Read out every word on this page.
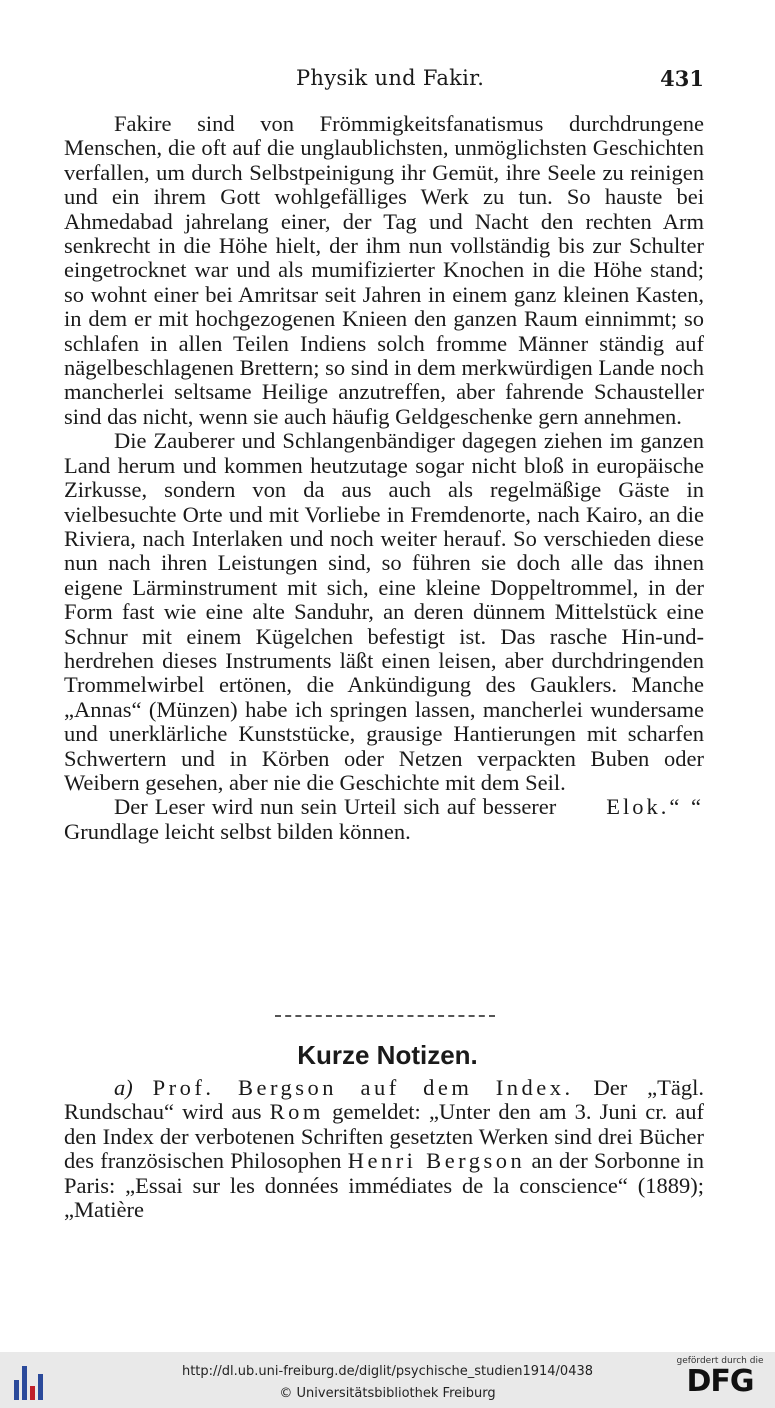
Physik und Fakir.	431

Fakire sind von Frömmigkeitsfanatismus durchdrungene Menschen, die oft auf die unglaublichsten, unmöglichsten Geschichten verfallen, um durch Selbstpeinigung ihr Gemüt, ihre Seele zu reinigen und ein ihrem Gott wohlgefälliges Werk zu tun. So hauste bei Ahmedabad jahrelang einer, der Tag und Nacht den rechten Arm senkrecht in die Höhe hielt, der ihm nun vollständig bis zur Schulter eingetrocknet war und als mumifizierter Knochen in die Höhe stand; so wohnt einer bei Amritsar seit Jahren in einem ganz kleinen Kasten, in dem er mit hochgezogenen Knieen den ganzen Raum einnimmt; so schlafen in allen Teilen Indiens solch fromme Männer ständig auf nägelbeschlagenen Brettern; so sind in dem merkwürdigen Lande noch mancherlei seltsame Heilige anzutreffen, aber fahrende Schausteller sind das nicht, wenn sie auch häufig Geldgeschenke gern annehmen.

Die Zauberer und Schlangenbändiger dagegen ziehen im ganzen Land herum und kommen heutzutage sogar nicht bloß in europäische Zirkusse, sondern von da aus auch als regelmäßige Gäste in vielbesuchte Orte und mit Vorliebe in Fremdenorte, nach Kairo, an die Riviera, nach Interlaken und noch weiter herauf. So verschieden diese nun nach ihren Leistungen sind, so führen sie doch alle das ihnen eigene Lärminstrument mit sich, eine kleine Doppeltrommel, in der Form fast wie eine alte Sanduhr, an deren dünnem Mittelstück eine Schnur mit einem Kügelchen befestigt ist. Das rasche Hin-und-herdrehen dieses Instruments läßt einen leisen, aber durchdringenden Trommelwirbel ertönen, die Ankündigung des Gauklers. Manche „Annas“ (Münzen) habe ich springen lassen, mancherlei wundersame und unerklärliche Kunststücke, grausige Hantierungen mit scharfen Schwertern und in Körben oder Netzen verpackten Buben oder Weibern gesehen, aber nie die Geschichte mit dem Seil.
Elok.“ “

Der Leser wird nun sein Urteil sich auf besserer Grundlage leicht selbst bilden können.

Kurze Notizen.

a) Prof. Bergson auf dem Index. Der „Tägl. Rundschau“ wird aus Rom gemeldet: „Unter den am 3. Juni cr. auf den Index der verbotenen Schriften gesetzten Werken sind drei Bücher des französischen Philosophen Henri Bergson an der Sorbonne in Paris: „Essai sur les données immédiates de la conscience“ (1889); „Matière

http://dl.ub.uni-freiburg.de/diglit/psychische_studien1914/0438
© Universitätsbibliothek Freiburg
gefördert durch die
DFG
